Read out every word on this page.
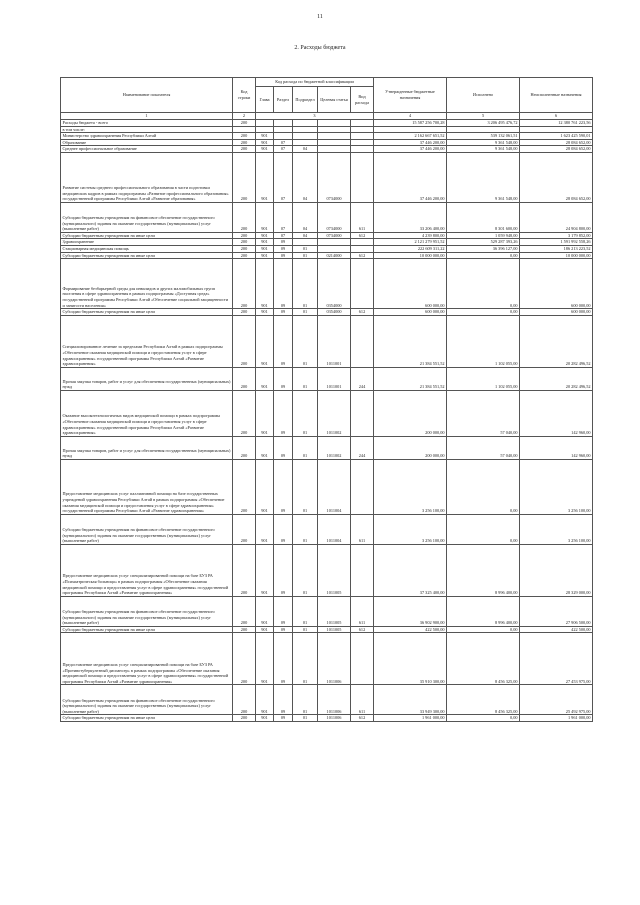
11
2. Расходы бюджета
Наименование показателя	Код строки	Код расхода по бюджетной классификации					Утвержденные бюджетные назначения	Исполнено	Неисполненные назначения
		Глава	Раздел	Подраздел	Целевая статья	Вид расхода			

1	2	3					4	5	6
Расходы бюджета - всего	200						15 587 256 700,28	3 206 495 476,72	12 380 761 223,56
в том числе:									
Министерство здравоохранения Республики Алтай	200	901					2 162 667 651,52	539 132 061,51	1 623 425 590,01
Образование	200	901	07				37 446 200,00	9 361 548,00	28 084 652,00
Среднее профессиональное образование	200	901	07	04			37 446 200,00	9 361 548,00	28 084 652,00
Развитие системы среднего профессионального образования в части подготовки медицинских кадров в рамках подпрограммы «Развитие профессионального образования» государственной программы Республики Алтай «Развитие образования»	200	901	07	04	0734000		37 446 200,00	9 361 548,00	28 084 652,00
Субсидии бюджетным учреждениям на финансовое обеспечение государственного (муниципального) задания на оказание государственных (муниципальных) услуг (выполнение работ)	200	901	07	04	0734000	611	33 206 400,00	8 301 600,00	24 904 800,00
Субсидии бюджетным учреждениям на иные цели	200	901	07	04	0734000	612	4 239 800,00	1 059 948,00	3 179 852,00
Здравоохранение	200	901	09				2 121 279 951,52	529 287 393,26	1 591 992 558,26
Стационарная медицинская помощь	200	901	09	01			222 609 311,22	36 396 127,00	186 213 223,52
Субсидии бюджетным учреждениям на иные цели	200	901	09	01	0214000	612	10 000 000,00	0,00	10 000 000,00
Формирование безбарьерной среды для инвалидов и других маломобильных групп населения в сфере здравоохранения в рамках подпрограммы «Доступная среда» государственной программы Республики Алтай «Обеспечение социальной защищенности и занятости населения»	200	901	09	01	0354000		600 000,00	0,00	600 000,00
Субсидии бюджетным учреждениям на иные цели	200	901	09	01	0354000	612	600 000,00	0,00	600 000,00
Специализированное лечение за пределами Республики Алтай в рамках подпрограммы «Обеспечение оказания медицинской помощи и предоставления услуг в сфере здравоохранения» государственной программы Республики Алтай «Развитие здравоохранения»	200	901	09	01	1011001		21 384 551,52	1 102 055,00	20 282 496,52
Прочая закупка товаров, работ и услуг для обеспечения государственных (муниципальных) нужд	200	901	09	01	1011001	244	21 384 551,52	1 102 055,00	20 282 496,52
Оказание высокотехнологичных видов медицинской помощи в рамках подпрограммы «Обеспечение оказания медицинской помощи и предоставления услуг в сфере здравоохранения» государственной программы Республики Алтай «Развитие здравоохранения»	200	901	09	01	1011002		200 000,00	57 040,00	142 960,00
Прочая закупка товаров, работ и услуг для обеспечения государственных (муниципальных) нужд	200	901	09	01	1011002	244	200 000,00	57 040,00	142 960,00
Предоставление медицинских услуг паллиативной помощи на базе государственных учреждений здравоохранения Республики Алтай в рамках подпрограммы «Обеспечение оказания медицинской помощи и предоставления услуг в сфере здравоохранения» государственной программы Республики Алтай «Развитие здравоохранения»	200	901	09	01	1011004		3 256 100,00	0,00	3 256 100,00
Субсидии бюджетным учреждениям на финансовое обеспечение государственного (муниципального) задания на оказание государственных (муниципальных) услуг (выполнение работ)	200	901	09	01	1011004	611	3 256 100,00	0,00	3 256 100,00
Предоставление медицинских услуг специализированной помощи на базе БУЗ РА «Психиатрическая больница» в рамках подпрограммы «Обеспечение оказания медицинской помощи и предоставления услуг в сфере здравоохранения» государственной программы Республики Алтай «Развитие здравоохранения»	200	901	09	01	1011005		37 325 400,00	8 996 400,00	28 329 000,00
Субсидии бюджетным учреждениям на финансовое обеспечение государственного (муниципального) задания на оказание государственных (муниципальных) услуг (выполнение работ)	200	901	09	01	1011005	611	36 902 900,00	8 996 400,00	27 906 500,00
Субсидии бюджетным учреждениям на иные цели	200	901	09	01	1011005	612	422 500,00	0,00	422 500,00
Предоставление медицинских услуг специализированной помощи на базе БУЗ РА «Противотуберкулезный диспансер» в рамках подпрограммы «Обеспечение оказания медицинской помощи и предоставления услуг в сфере здравоохранения» государственной программы Республики Алтай «Развитие здравоохранения»	200	901	09	01	1011006		35 910 300,00	8 456 325,00	27 453 975,00
Субсидии бюджетным учреждениям на финансовое обеспечение государственного (муниципального) задания на оказание государственных (муниципальных) услуг (выполнение работ)	200	901	09	01	1011006	611	33 949 300,00	8 456 325,00	25 492 975,00
Субсидии бюджетным учреждениям на иные цели	200	901	09	01	1011006	612	1 961 000,00	0,00	1 961 000,00
